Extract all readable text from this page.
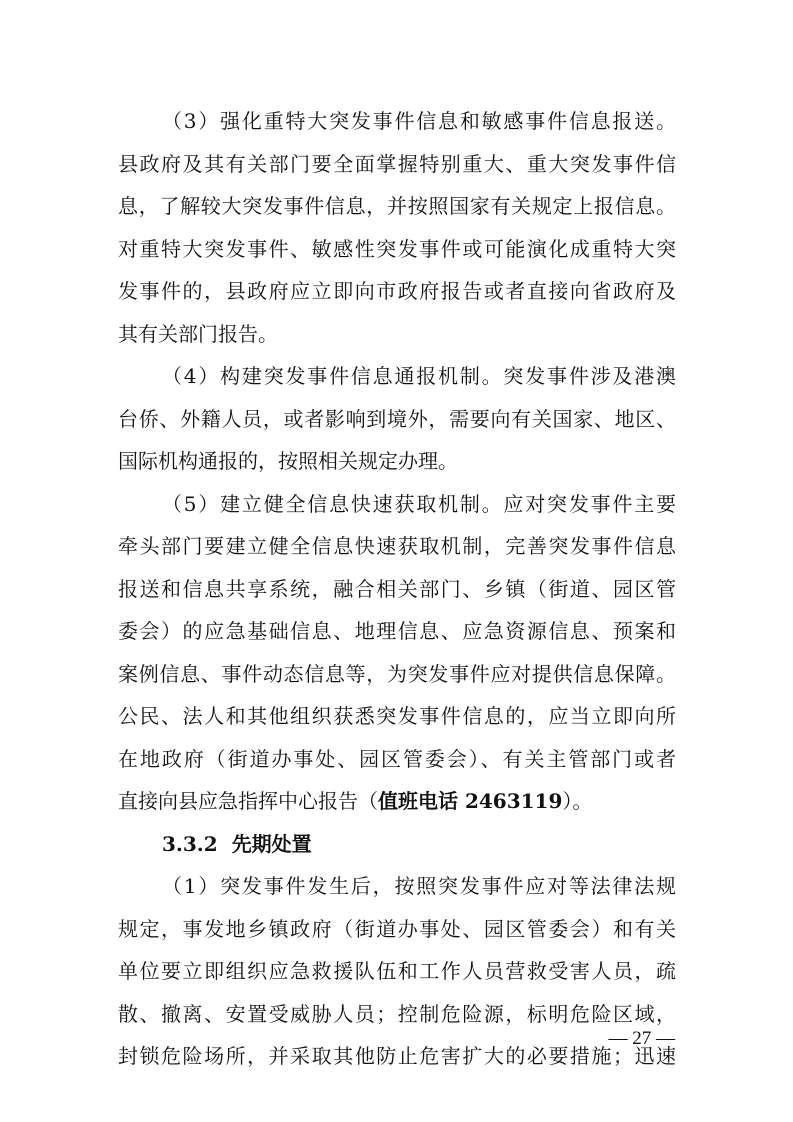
（3）强化重特大突发事件信息和敏感事件信息报送。
县政府及其有关部门要全面掌握特别重大、重大突发事件信
息，了解较大突发事件信息，并按照国家有关规定上报信息。
对重特大突发事件、敏感性突发事件或可能演化成重特大突
发事件的，县政府应立即向市政府报告或者直接向省政府及
其有关部门报告。
（4）构建突发事件信息通报机制。突发事件涉及港澳
台侨、外籍人员，或者影响到境外，需要向有关国家、地区、
国际机构通报的，按照相关规定办理。
（5）建立健全信息快速获取机制。应对突发事件主要
牵头部门要建立健全信息快速获取机制，完善突发事件信息
报送和信息共享系统，融合相关部门、乡镇（街道、园区管
委会）的应急基础信息、地理信息、应急资源信息、预案和
案例信息、事件动态信息等，为突发事件应对提供信息保障。
公民、法人和其他组织获悉突发事件信息的，应当立即向所
在地政府（街道办事处、园区管委会）、有关主管部门或者
直接向县应急指挥中心报告（值班电话 2463119）。
3.3.2 先期处置
（1）突发事件发生后，按照突发事件应对等法律法规
规定，事发地乡镇政府（街道办事处、园区管委会）和有关
单位要立即组织应急救援队伍和工作人员营救受害人员，疏
散、撤离、安置受威胁人员；控制危险源，标明危险区域，
封锁危险场所，并采取其他防止危害扩大的必要措施；迅速
— 27 —
